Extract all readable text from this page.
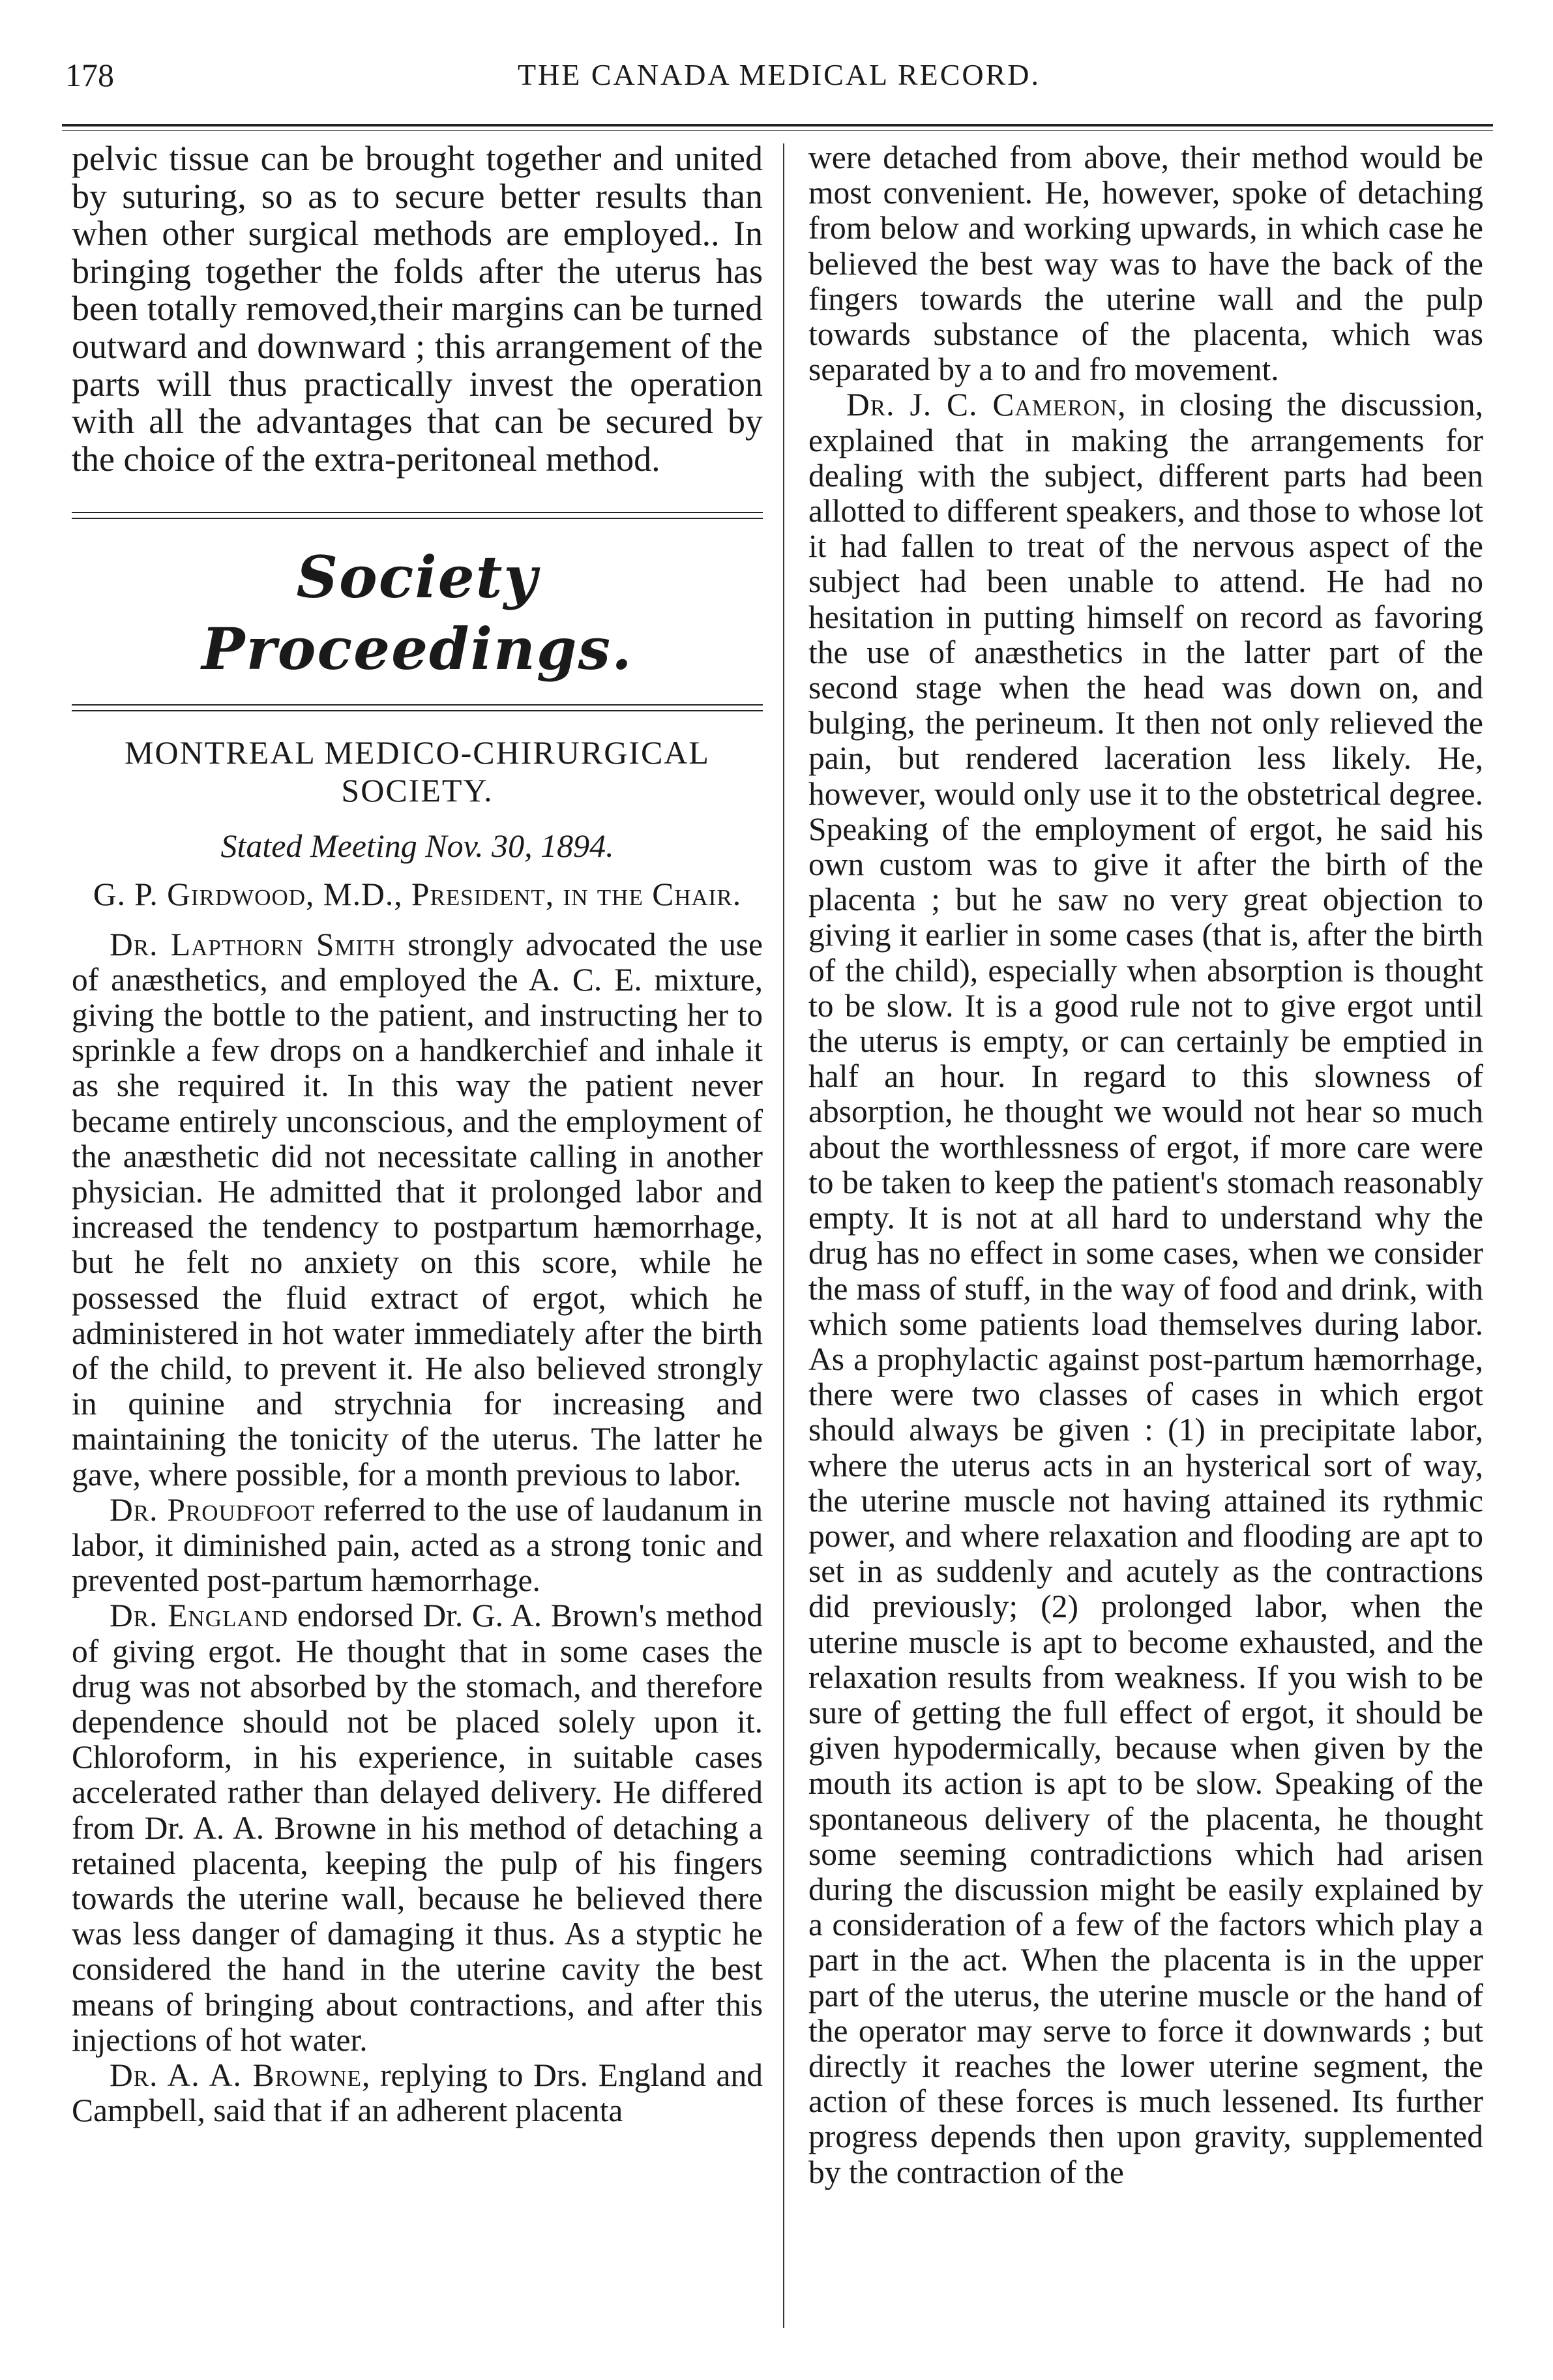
178	THE CANADA MEDICAL RECORD.

pelvic tissue can be brought together and united by suturing, so as to secure better results than when other surgical methods are employed.. In bringing together the folds after the uterus has been totally removed,their margins can be turned outward and downward ; this arrangement of the parts will thus practically invest the operation with all the advantages that can be secured by the choice of the extra-peritoneal method.

Society Proceedings.
MONTREAL MEDICO-CHIRURGICAL SOCIETY.
Stated Meeting Nov. 30, 1894.
G. P. Girdwood, M.D., President, in the Chair.

Dr. Lapthorn Smith strongly advocated the use of anæsthetics, and employed the A. C. E. mixture, giving the bottle to the patient, and instructing her to sprinkle a few drops on a handkerchief and inhale it as she required it. In this way the patient never became entirely unconscious, and the employment of the anæsthetic did not necessitate calling in another physician. He admitted that it prolonged labor and increased the tendency to postpartum hæmorrhage, but he felt no anxiety on this score, while he possessed the fluid extract of ergot, which he administered in hot water immediately after the birth of the child, to prevent it. He also believed strongly in quinine and strychnia for increasing and maintaining the tonicity of the uterus. The latter he gave, where possible, for a month previous to labor.

Dr. Proudfoot referred to the use of laudanum in labor, it diminished pain, acted as a strong tonic and prevented post-partum hæmorrhage.

Dr. England endorsed Dr. G. A. Brown's method of giving ergot. He thought that in some cases the drug was not absorbed by the stomach, and therefore dependence should not be placed solely upon it. Chloroform, in his experience, in suitable cases accelerated rather than delayed delivery. He differed from Dr. A. A. Browne in his method of detaching a retained placenta, keeping the pulp of his fingers towards the uterine wall, because he believed there was less danger of damaging it thus. As a styptic he considered the hand in the uterine cavity the best means of bringing about contractions, and after this injections of hot water.

Dr. A. A. Browne, replying to Drs. England and Campbell, said that if an adherent placenta

were detached from above, their method would be most convenient. He, however, spoke of detaching from below and working upwards, in which case he believed the best way was to have the back of the fingers towards the uterine wall and the pulp towards substance of the placenta, which was separated by a to and fro movement.

Dr. J. C. Cameron, in closing the discussion, explained that in making the arrangements for dealing with the subject, different parts had been allotted to different speakers, and those to whose lot it had fallen to treat of the nervous aspect of the subject had been unable to attend. He had no hesitation in putting himself on record as favoring the use of anæsthetics in the latter part of the second stage when the head was down on, and bulging, the perineum. It then not only relieved the pain, but rendered laceration less likely. He, however, would only use it to the obstetrical degree. Speaking of the employment of ergot, he said his own custom was to give it after the birth of the placenta ; but he saw no very great objection to giving it earlier in some cases (that is, after the birth of the child), especially when absorption is thought to be slow. It is a good rule not to give ergot until the uterus is empty, or can certainly be emptied in half an hour. In regard to this slowness of absorption, he thought we would not hear so much about the worthlessness of ergot, if more care were to be taken to keep the patient's stomach reasonably empty. It is not at all hard to understand why the drug has no effect in some cases, when we consider the mass of stuff, in the way of food and drink, with which some patients load themselves during labor. As a prophylactic against post-partum hæmorrhage, there were two classes of cases in which ergot should always be given : (1) in precipitate labor, where the uterus acts in an hysterical sort of way, the uterine muscle not having attained its rythmic power, and where relaxation and flooding are apt to set in as suddenly and acutely as the contractions did previously; (2) prolonged labor, when the uterine muscle is apt to become exhausted, and the relaxation results from weakness. If you wish to be sure of getting the full effect of ergot, it should be given hypodermically, because when given by the mouth its action is apt to be slow. Speaking of the spontaneous delivery of the placenta, he thought some seeming contradictions which had arisen during the discussion might be easily explained by a consideration of a few of the factors which play a part in the act. When the placenta is in the upper part of the uterus, the uterine muscle or the hand of the operator may serve to force it downwards ; but directly it reaches the lower uterine segment, the action of these forces is much lessened. Its further progress depends then upon gravity, supplemented by the contraction of the
